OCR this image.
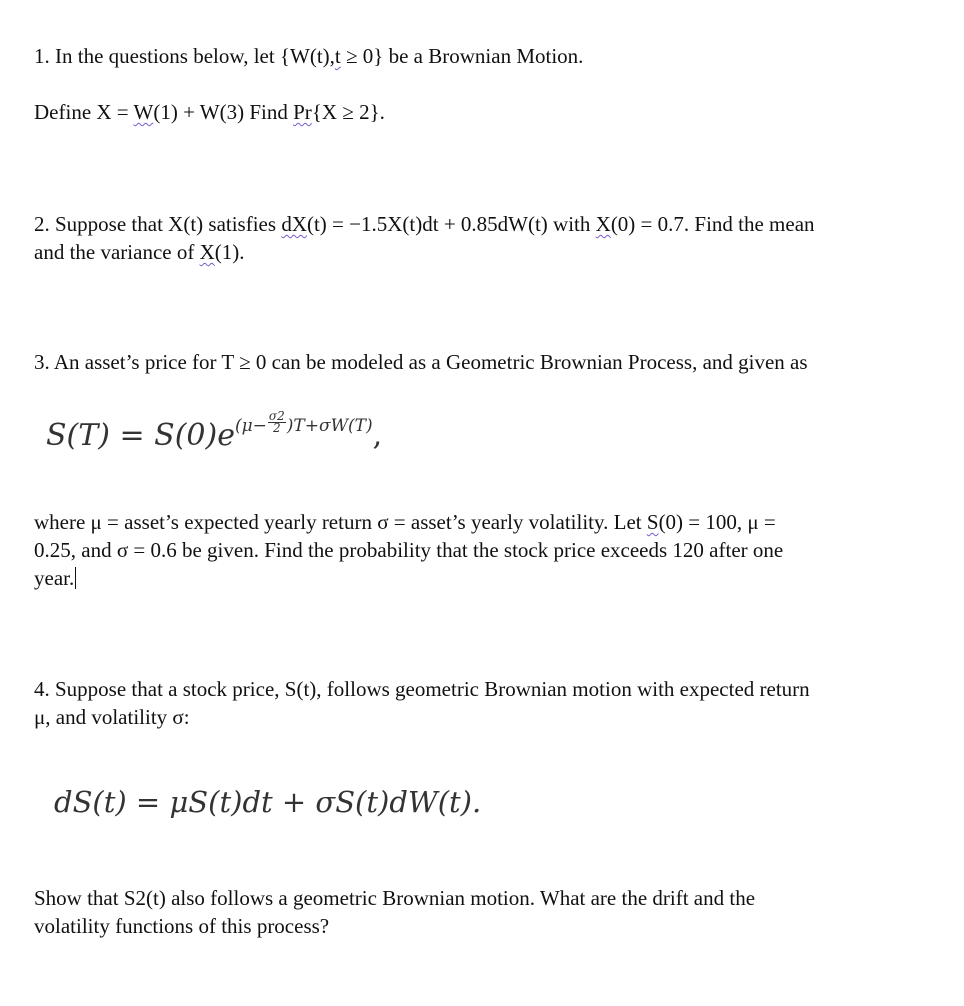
1. In the questions below, let {W(t),t ≥ 0} be a Brownian Motion.
Define X = W(1) + W(3) Find Pr{X ≥ 2}.
2. Suppose that X(t) satisfies dX(t) = −1.5X(t)dt + 0.85dW(t) with X(0) = 0.7. Find the mean
and the variance of X(1).
3. An asset’s price for T ≥ 0 can be modeled as a Geometric Brownian Process, and given as
$S(T) = S(0)e^{(\mu- \frac{\sigma 2}{2} )T+\sigma W(T)}$,
where μ = asset’s expected yearly return σ = asset’s yearly volatility. Let S(0) = 100, μ =
0.25, and σ = 0.6 be given. Find the probability that the stock price exceeds 120 after one
year.
4. Suppose that a stock price, S(t), follows geometric Brownian motion with expected return
μ, and volatility σ:
dS(t) = μS(t)dt + σS(t)dW(t).
Show that S2(t) also follows a geometric Brownian motion. What are the drift and the
volatility functions of this process?
